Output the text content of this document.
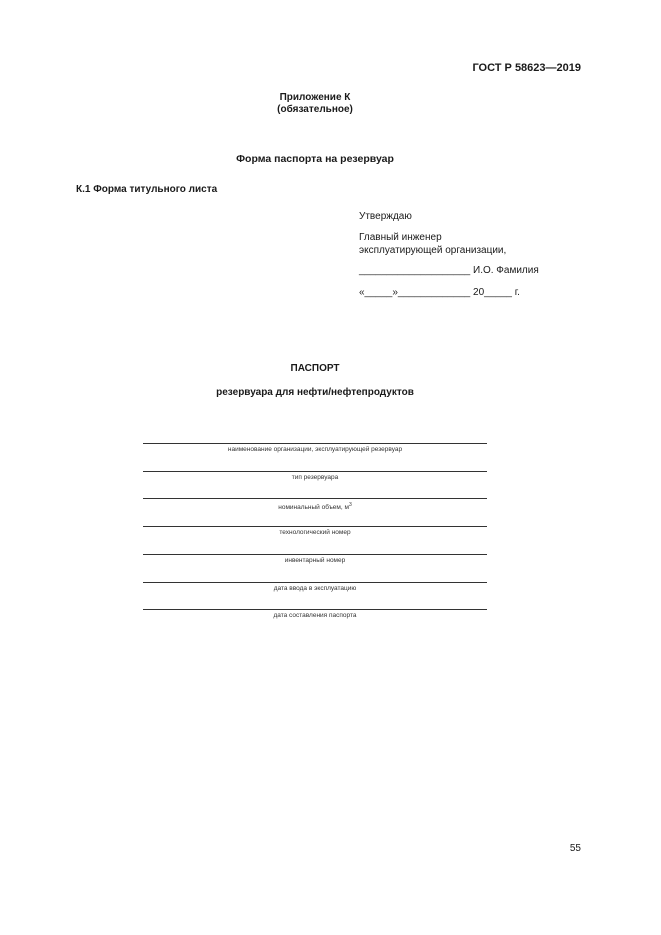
ГОСТ Р 58623—2019
Приложение К
(обязательное)
Форма паспорта на резервуар
К.1 Форма титульного листа
Утверждаю
Главный инженер
эксплуатирующей организации,
____________________ И.О. Фамилия
«_____»_____________ 20_____ г.
ПАСПОРТ
резервуара для нефти/нефтепродуктов
наименование организации, эксплуатирующей резервуар
тип резервуара
номинальный объем, $м^3$
технологический номер
инвентарный номер
дата ввода в эксплуатацию
дата составления паспорта
55
